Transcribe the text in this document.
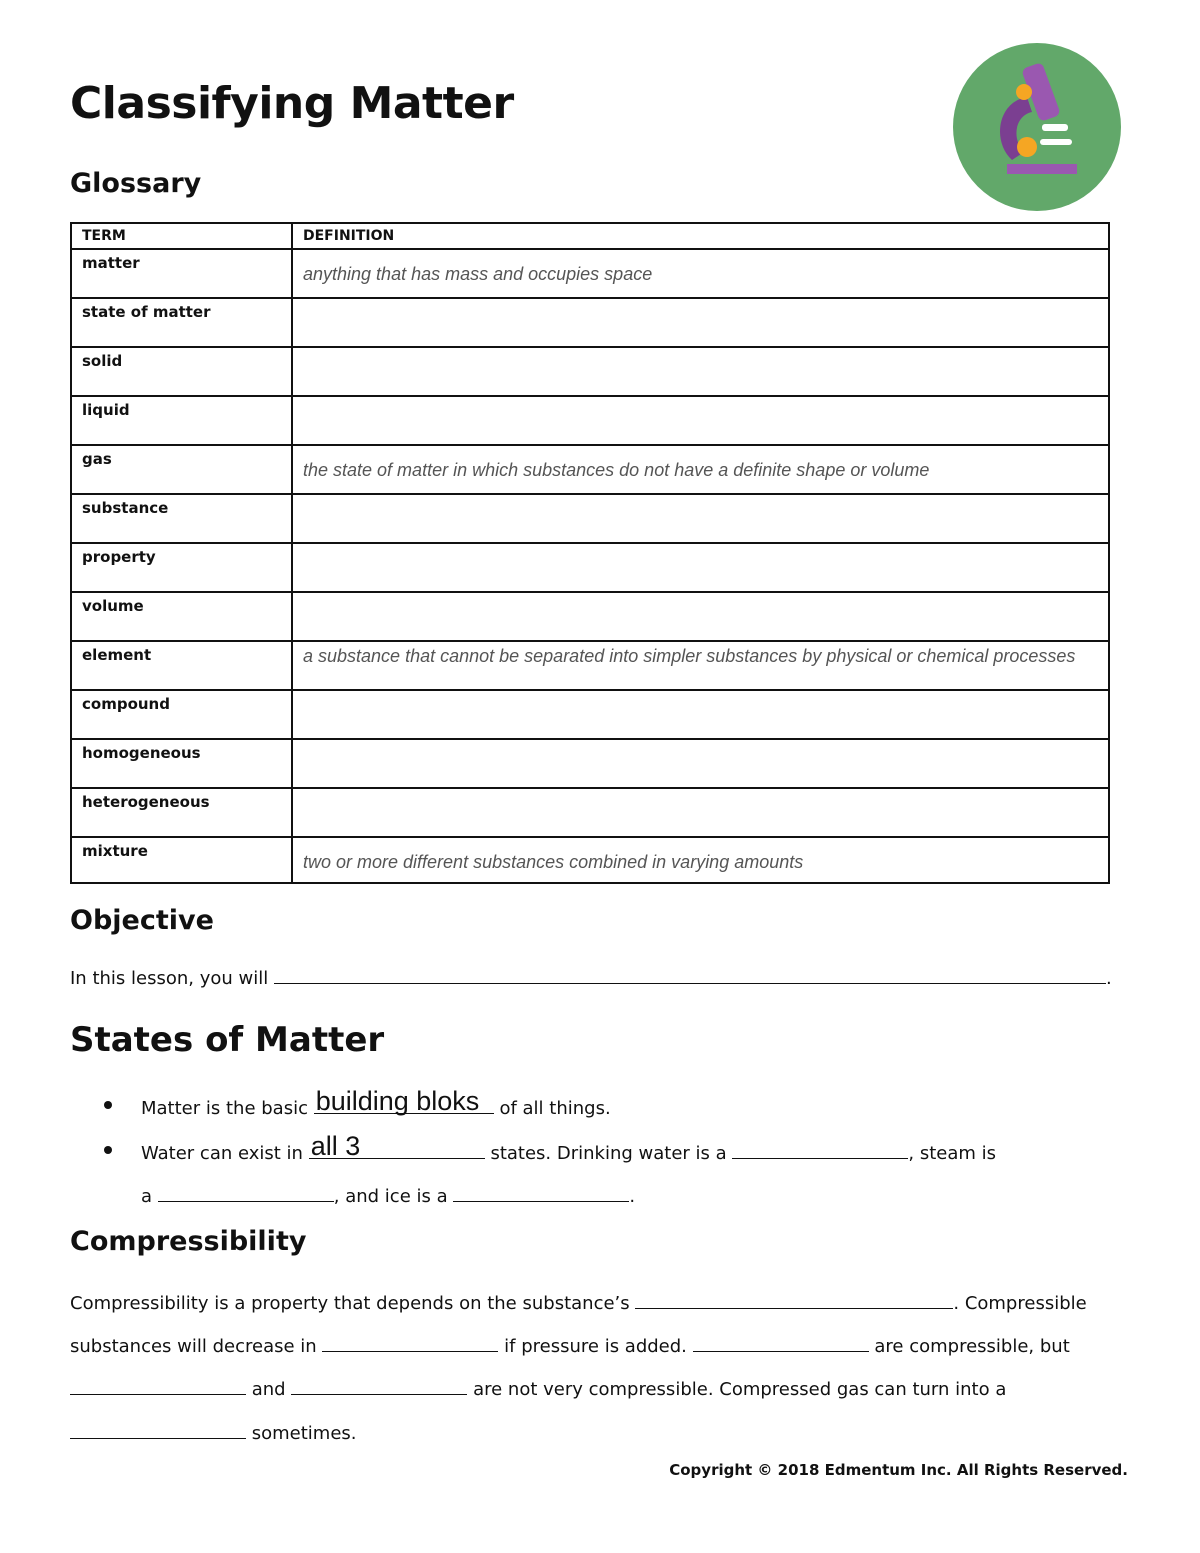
Classifying Matter
Glossary
TERM	DEFINITION
matter	anything that has mass and occupies space
state of matter	
solid	
liquid	
gas	the state of matter in which substances do not have a definite shape or volume
substance	
property	
volume	
element	a substance that cannot be separated into simpler substances by physical or chemical processes
compound	
homogeneous	
heterogeneous	
mixture	two or more different substances combined in varying amounts
Objective

In this lesson, you will	.

States of Matter

Matter is the basic building bloks of all things.

Water can exist in all 3	states. Drinking water is a	, steam is

a	, and ice is a	.

Compressibility

Compressibility is a property that depends on the substance’s	. Compressible

substances will decrease in	if pressure is added.	are compressible, but

and	are not very compressible. Compressed gas can turn into a

sometimes.

Copyright © 2018 Edmentum Inc. All Rights Reserved.
